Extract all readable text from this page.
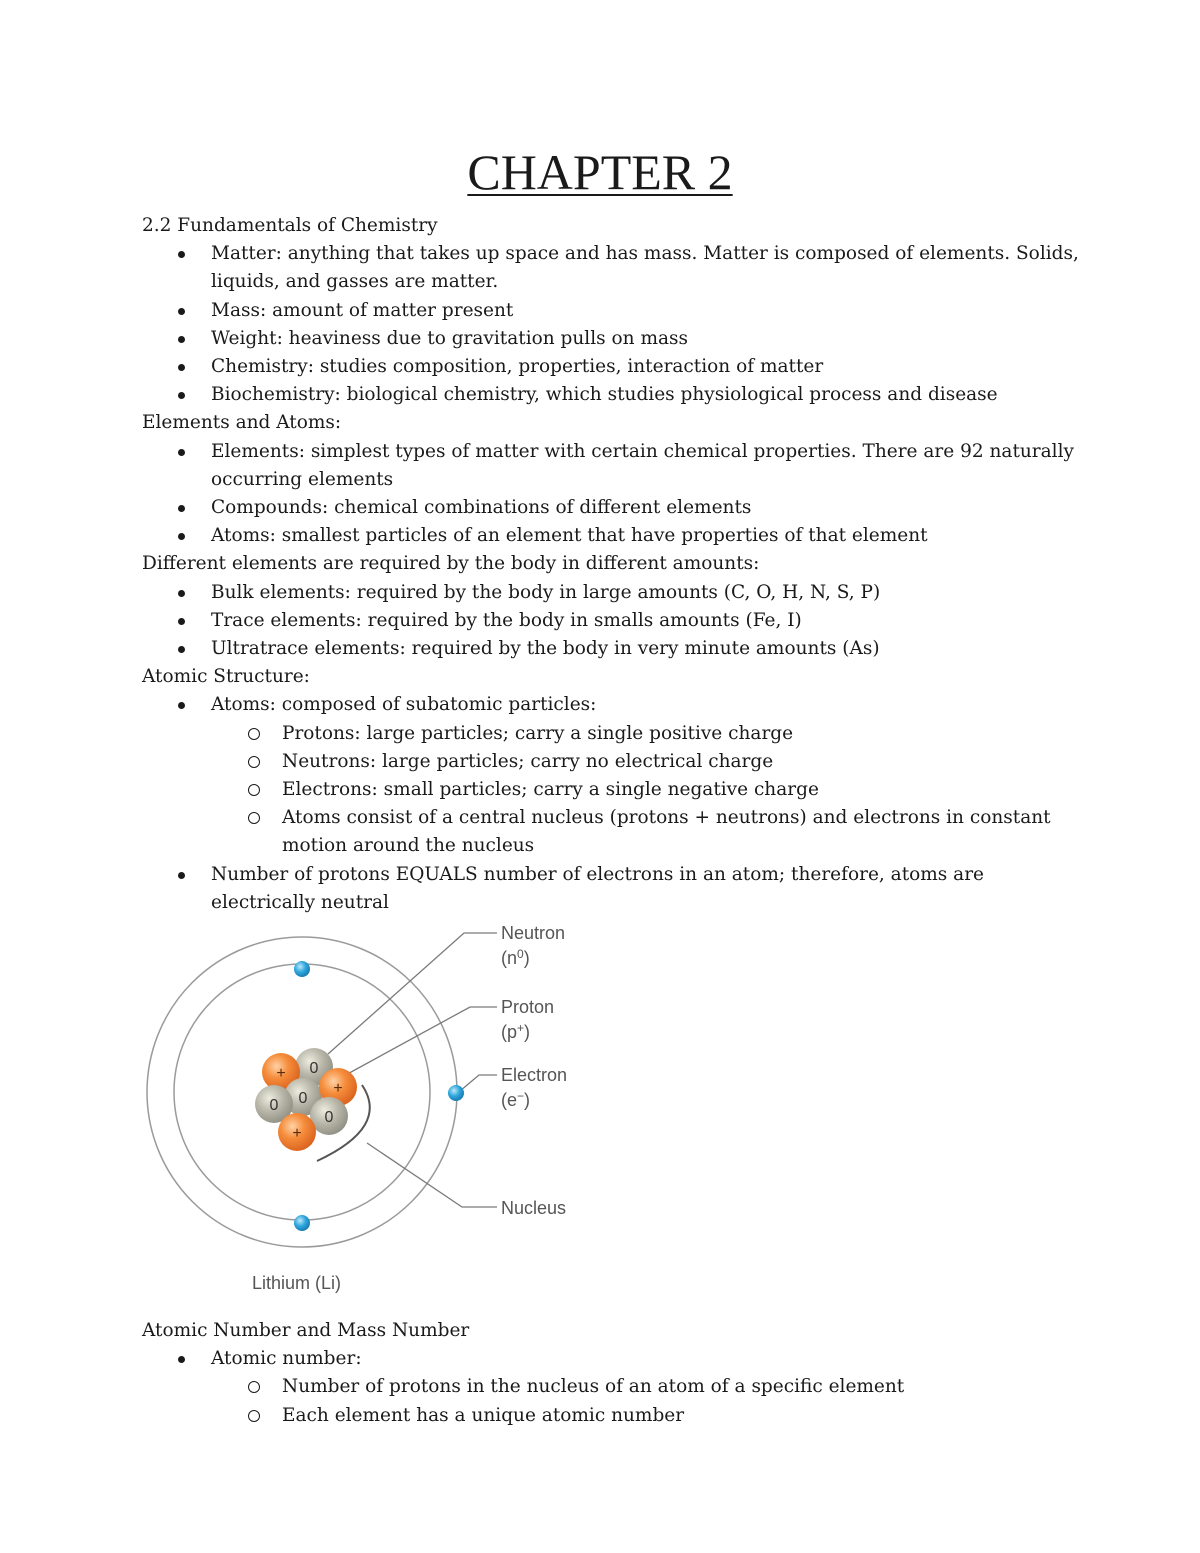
CHAPTER 2
2.2 Fundamentals of Chemistry
Matter: anything that takes up space and has mass. Matter is composed of elements. Solids, liquids, and gasses are matter.
Mass: amount of matter present
Weight: heaviness due to gravitation pulls on mass
Chemistry: studies composition, properties, interaction of matter
Biochemistry: biological chemistry, which studies physiological process and disease
Elements and Atoms:
Elements: simplest types of matter with certain chemical properties. There are 92 naturally occurring elements
Compounds: chemical combinations of different elements
Atoms: smallest particles of an element that have properties of that element
Different elements are required by the body in different amounts:
Bulk elements: required by the body in large amounts (C, O, H, N, S, P)
Trace elements: required by the body in smalls amounts (Fe, I)
Ultratrace elements: required by the body in very minute amounts (As)
Atomic Structure:
Atoms: composed of subatomic particles:
Protons: large particles; carry a single positive charge
Neutrons: large particles; carry no electrical charge
Electrons: small particles; carry a single negative charge
Atoms consist of a central nucleus (protons + neutrons) and electrons in constant motion around the nucleus
Number of protons EQUALS number of electrons in an atom; therefore, atoms are electrically neutral
+
+
+
0
0
0
0
Neutron
$(n^0)$
Proton
(p+)
Electron
(e−)
Nucleus
Lithium (Li)
Atomic Number and Mass Number
Atomic number:
Number of protons in the nucleus of an atom of a specific element
Each element has a unique atomic number
